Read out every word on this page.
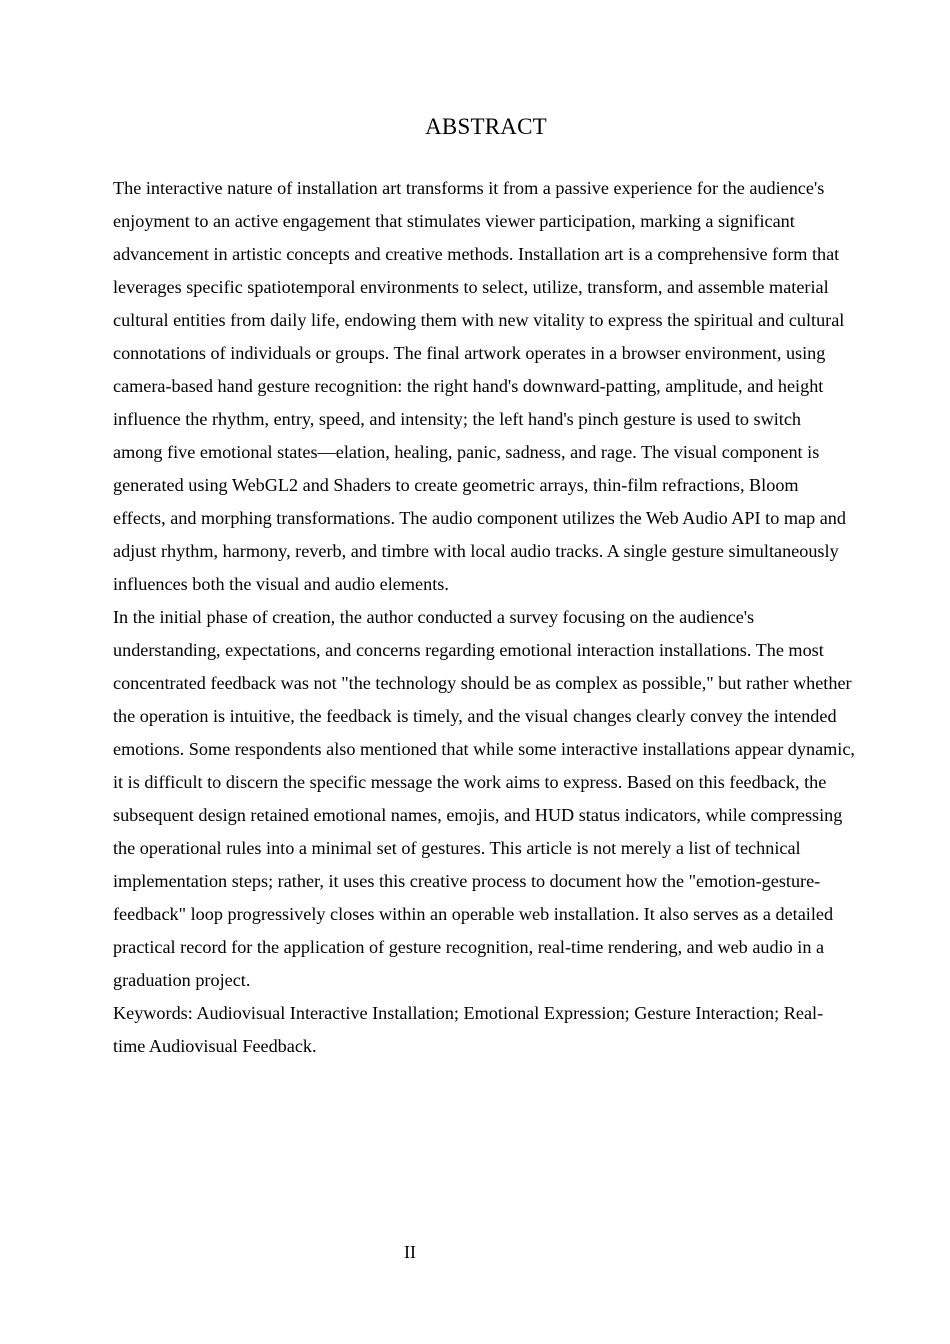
ABSTRACT

The interactive nature of installation art transforms it from a passive experience for the audience's enjoyment to an active engagement that stimulates viewer participation, marking a significant advancement in artistic concepts and creative methods. Installation art is a comprehensive form that leverages specific spatiotemporal environments to select, utilize, transform, and assemble material cultural entities from daily life, endowing them with new vitality to express the spiritual and cultural connotations of individuals or groups. The final artwork operates in a browser environment, using camera-based hand gesture recognition: the right hand's downward-patting, amplitude, and height influence the rhythm, entry, speed, and intensity; the left hand's pinch gesture is used to switch among five emotional states—elation, healing, panic, sadness, and rage. The visual component is generated using WebGL2 and Shaders to create geometric arrays, thin-film refractions, Bloom effects, and morphing transformations. The audio component utilizes the Web Audio API to map and adjust rhythm, harmony, reverb, and timbre with local audio tracks. A single gesture simultaneously influences both the visual and audio elements.

In the initial phase of creation, the author conducted a survey focusing on the audience's understanding, expectations, and concerns regarding emotional interaction installations. The most concentrated feedback was not "the technology should be as complex as possible," but rather whether the operation is intuitive, the feedback is timely, and the visual changes clearly convey the intended emotions. Some respondents also mentioned that while some interactive installations appear dynamic, it is difficult to discern the specific message the work aims to express. Based on this feedback, the subsequent design retained emotional names, emojis, and HUD status indicators, while compressing the operational rules into a minimal set of gestures. This article is not merely a list of technical implementation steps; rather, it uses this creative process to document how the "emotion-gesture-feedback" loop progressively closes within an operable web installation. It also serves as a detailed practical record for the application of gesture recognition, real-time rendering, and web audio in a graduation project.

Keywords: Audiovisual Interactive Installation; Emotional Expression; Gesture Interaction; Real-time Audiovisual Feedback.

II
